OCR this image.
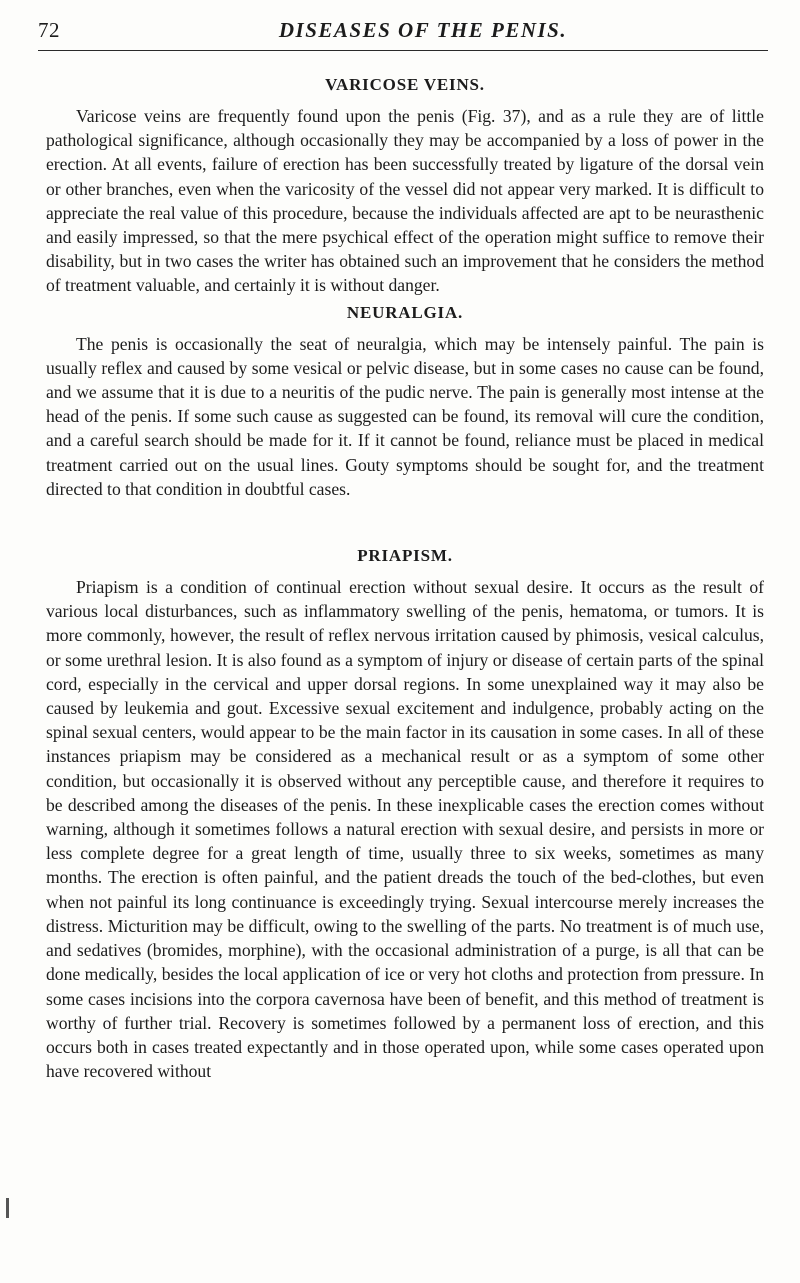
72	DISEASES OF THE PENIS.
VARICOSE VEINS.

Varicose veins are frequently found upon the penis (Fig. 37), and as a rule they are of little pathological significance, although occasionally they may be accompanied by a loss of power in the erection. At all events, failure of erection has been successfully treated by ligature of the dorsal vein or other branches, even when the varicosity of the vessel did not appear very marked. It is difficult to appreciate the real value of this procedure, because the individuals affected are apt to be neurasthenic and easily impressed, so that the mere psychical effect of the operation might suffice to remove their disability, but in two cases the writer has obtained such an improvement that he considers the method of treatment valuable, and certainly it is without danger.

NEURALGIA.

The penis is occasionally the seat of neuralgia, which may be intensely painful. The pain is usually reflex and caused by some vesical or pelvic disease, but in some cases no cause can be found, and we assume that it is due to a neuritis of the pudic nerve. The pain is generally most intense at the head of the penis. If some such cause as suggested can be found, its removal will cure the condition, and a careful search should be made for it. If it cannot be found, reliance must be placed in medical treatment carried out on the usual lines. Gouty symptoms should be sought for, and the treatment directed to that condition in doubtful cases.

PRIAPISM.

Priapism is a condition of continual erection without sexual desire. It occurs as the result of various local disturbances, such as inflammatory swelling of the penis, hematoma, or tumors. It is more commonly, however, the result of reflex nervous irritation caused by phimosis, vesical calculus, or some urethral lesion. It is also found as a symptom of injury or disease of certain parts of the spinal cord, especially in the cervical and upper dorsal regions. In some unexplained way it may also be caused by leukemia and gout. Excessive sexual excitement and indulgence, probably acting on the spinal sexual centers, would appear to be the main factor in its causation in some cases. In all of these instances priapism may be considered as a mechanical result or as a symptom of some other condition, but occasionally it is observed without any perceptible cause, and therefore it requires to be described among the diseases of the penis. In these inexplicable cases the erection comes without warning, although it sometimes follows a natural erection with sexual desire, and persists in more or less complete degree for a great length of time, usually three to six weeks, sometimes as many months. The erection is often painful, and the patient dreads the touch of the bed-clothes, but even when not painful its long continuance is exceedingly trying. Sexual intercourse merely increases the distress. Micturition may be difficult, owing to the swelling of the parts. No treatment is of much use, and sedatives (bromides, morphine), with the occasional administration of a purge, is all that can be done medically, besides the local application of ice or very hot cloths and protection from pressure. In some cases incisions into the corpora cavernosa have been of benefit, and this method of treatment is worthy of further trial. Recovery is sometimes followed by a permanent loss of erection, and this occurs both in cases treated expectantly and in those operated upon, while some cases operated upon have recovered without
